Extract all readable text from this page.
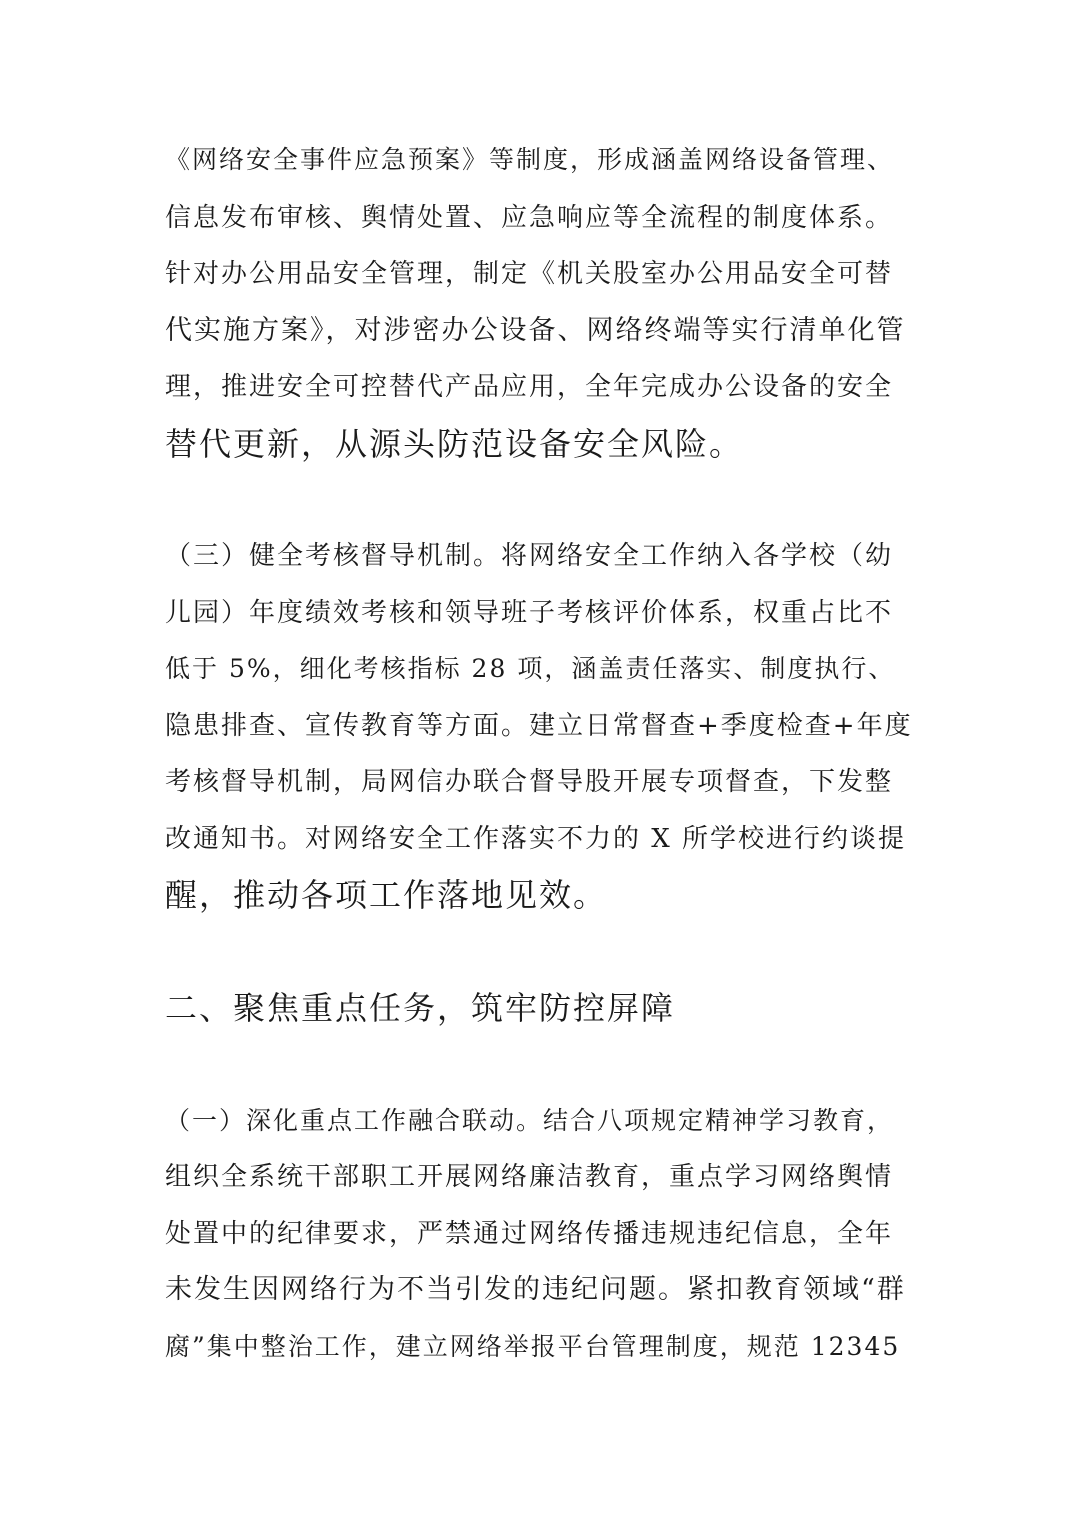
《网络安全事件应急预案》等制度，形成涵盖网络设备管理、
信息发布审核、舆情处置、应急响应等全流程的制度体系。
针对办公用品安全管理，制定《机关股室办公用品安全可替
代实施方案》，对涉密办公设备、网络终端等实行清单化管
理，推进安全可控替代产品应用，全年完成办公设备的安全
替代更新，从源头防范设备安全风险。
（三）健全考核督导机制。将网络安全工作纳入各学校（幼
儿园）年度绩效考核和领导班子考核评价体系，权重占比不
低于 5%，细化考核指标 28 项，涵盖责任落实、制度执行、
隐患排查、宣传教育等方面。建立日常督查+季度检查+年度
考核督导机制，局网信办联合督导股开展专项督查，下发整
改通知书。对网络安全工作落实不力的 X 所学校进行约谈提
醒，推动各项工作落地见效。
二、聚焦重点任务，筑牢防控屏障
（一）深化重点工作融合联动。结合八项规定精神学习教育，
组织全系统干部职工开展网络廉洁教育，重点学习网络舆情
处置中的纪律要求，严禁通过网络传播违规违纪信息，全年
未发生因网络行为不当引发的违纪问题。紧扣教育领域“群
腐”集中整治工作，建立网络举报平台管理制度，规范 12345
